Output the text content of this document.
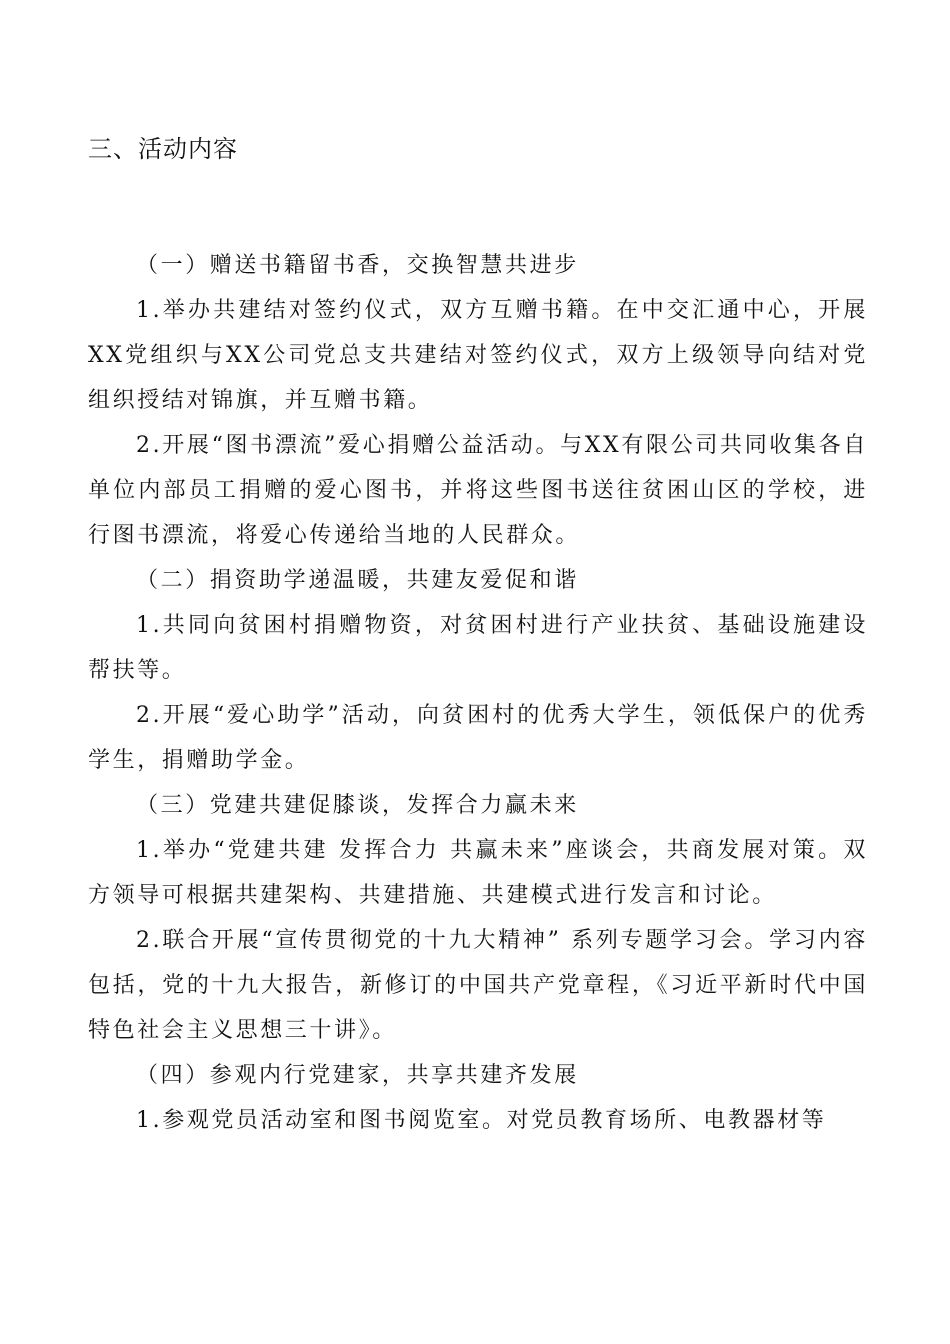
三、活动内容

（一）赠送书籍留书香，交换智慧共进步

1.举办共建结对签约仪式，双方互赠书籍。在中交汇通中心，开展XX党组织与XX公司党总支共建结对签约仪式，双方上级领导向结对党组织授结对锦旗，并互赠书籍。

2.开展“图书漂流”爱心捐赠公益活动。与XX有限公司共同收集各自单位内部员工捐赠的爱心图书，并将这些图书送往贫困山区的学校，进行图书漂流，将爱心传递给当地的人民群众。

（二）捐资助学递温暖，共建友爱促和谐

1.共同向贫困村捐赠物资，对贫困村进行产业扶贫、基础设施建设帮扶等。

2.开展“爱心助学”活动，向贫困村的优秀大学生，领低保户的优秀学生，捐赠助学金。

（三）党建共建促膝谈，发挥合力赢未来

1.举办“党建共建 发挥合力 共赢未来”座谈会，共商发展对策。双方领导可根据共建架构、共建措施、共建模式进行发言和讨论。

2.联合开展“宣传贯彻党的十九大精神” 系列专题学习会。学习内容包括，党的十九大报告，新修订的中国共产党章程，《习近平新时代中国特色社会主义思想三十讲》。

（四）参观内行党建家，共享共建齐发展

1.参观党员活动室和图书阅览室。对党员教育场所、电教器材等
